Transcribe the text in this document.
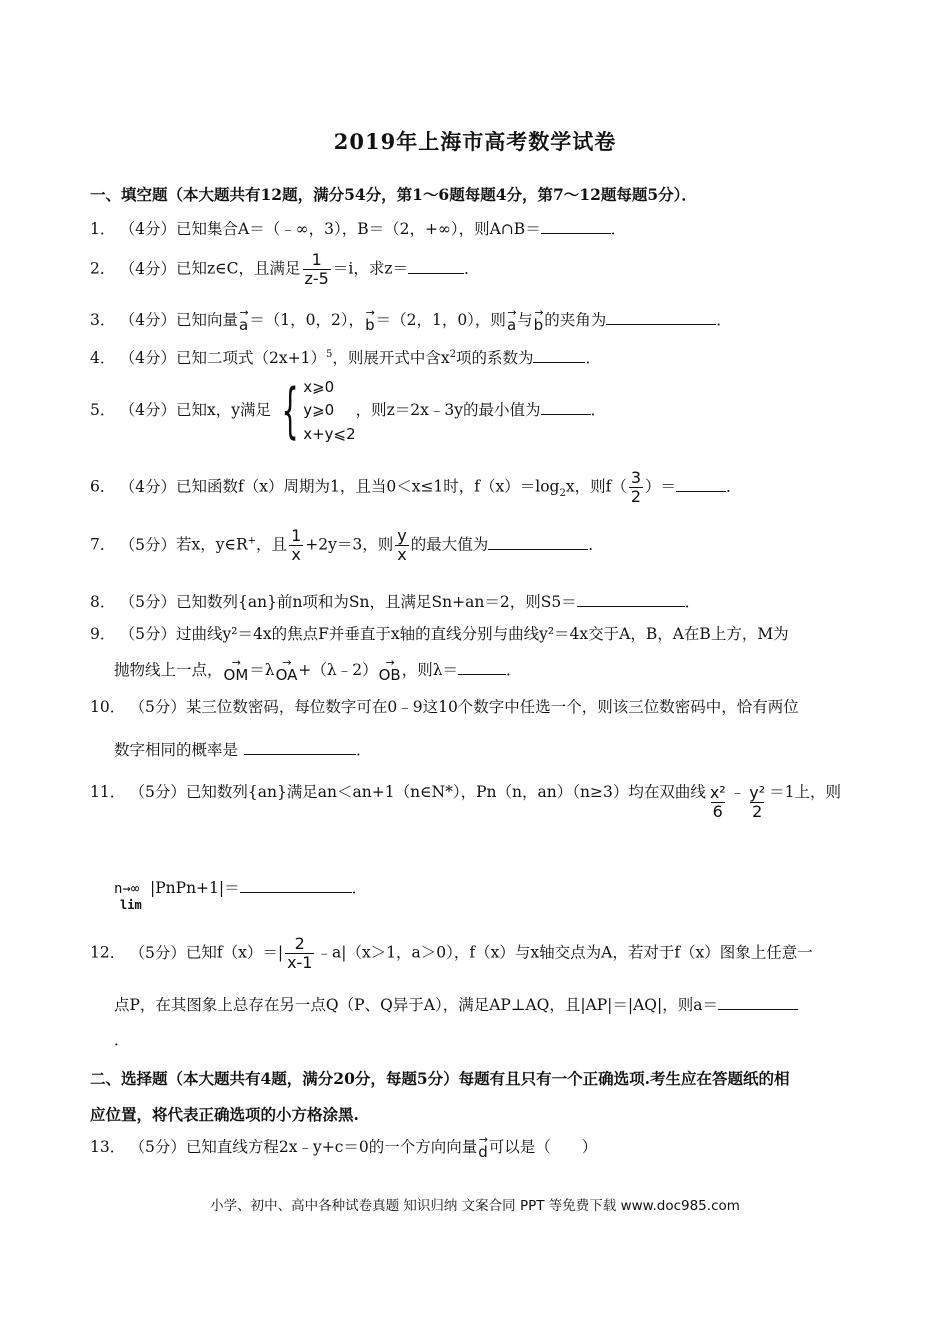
2019年上海市高考数学试卷
一、填空题（本大题共有12题，满分54分，第1～6题每题4分，第7～12题每题5分）．
1． （4分）已知集合A＝（﹣∞，3），B＝（2，+∞），则A∩B＝	．
2． （4分）已知z∈C，且满足 $\frac{1}{z-5} =i$，求z＝	．
3． （4分）已知向量 →
a ＝（1，0，2）， →
b ＝（2，1，0），则 →
a 与 →
b 的夹角为	．
4． （4分）已知二项式$(2x+1)^5$，则展开式中含$x^2$项的系数为	．
5． （4分）已知x，y满足 { x⩾0
y⩾0
x+y⩽2
，则z＝2x﹣3y的最小值为	．
6． （4分）已知函数f（x）周期为1，且当0＜x≤1时，$f(x)=\log_2x$，则$f( \frac{3}{2}$ ）＝	．
7． （5分）若x，y∈R+，且 $\frac{1}{x} +2y=3$，则 $\frac{y}{x}$ 的最大值为	．
8． （5分）已知数列{an}前n项和为Sn，且满足Sn+an＝2，则S5＝	．
9． （5分）过曲线y²＝4x的焦点F并垂直于x轴的直线分别与曲线y²＝4x交于A，B，A在B上方，M为
抛物线上一点， →
OM ＝λ →
OA +（λ﹣2） →
OB ，则λ＝	．
10． （5分）某三位数密码，每位数字可在0﹣9这10个数字中任选一个，则该三位数密码中，恰有两位
数字相同的概率是	．
11． （5分）已知数列{an}满足an＜an+1（n∈N*），Pn（n，an）（n≥3）均在双曲线 $\frac{\text{x²}}{6}$ ﹣ $\frac{\text{y²}}{2} =1$上，则
n→∞
lim
|PnPn+1|＝	．
12． （5分）已知$f(x)=| \frac{2}{x-1}$ ﹣a|（x＞1，a＞0），f（x）与x轴交点为A，若对于f（x）图象上任意一
点P，在其图象上总存在另一点Q（P、Q异于A），满足AP⊥AQ，且|AP|＝|AQ|，则a＝
．
二、选择题（本大题共有4题，满分20分，每题5分）每题有且只有一个正确选项.考生应在答题纸的相
应位置，将代表正确选项的小方格涂黑.
13． （5分）已知直线方程2x﹣y+c＝0的一个方向向量 →
d 可以是（　　）
小学、初中、高中各种试卷真题 知识归纳 文案合同 PPT 等免费下载 www.doc985.com
